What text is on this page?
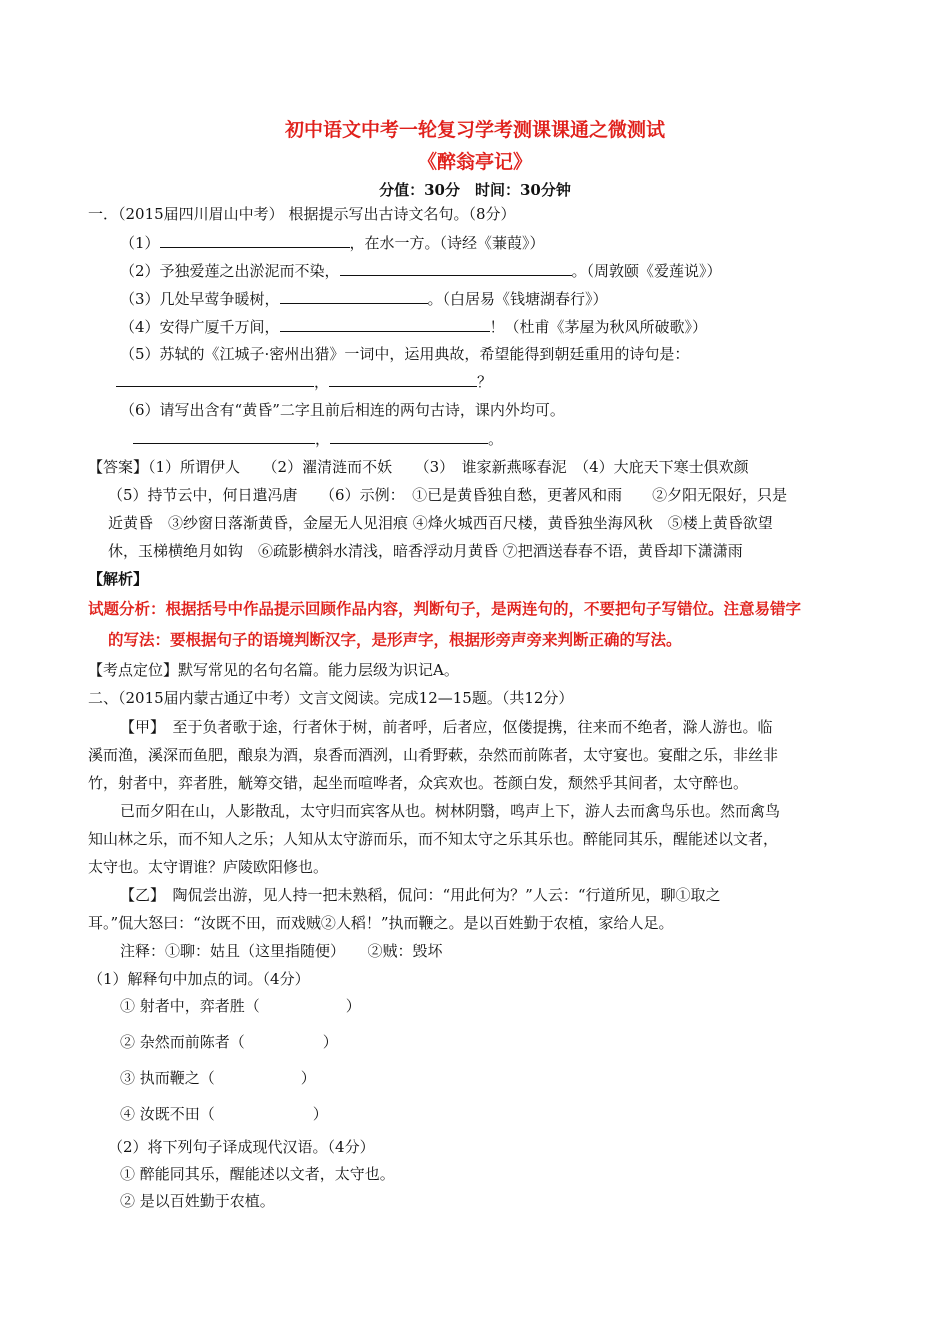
初中语文中考一轮复习学考测课课通之微测试
《醉翁亭记》
分值：30分　时间：30分钟
一．（2015届四川眉山中考） 根据提示写出古诗文名句。（8分）
（1）	，在水一方。（诗经《蒹葭》）
（2）予独爱莲之出淤泥而不染，	。（周敦颐《爱莲说》）
（3）几处早莺争暖树，	。（白居易《钱塘湖春行》）
（4）安得广厦千万间，	！（杜甫《茅屋为秋风所破歌》）
（5）苏轼的《江城子·密州出猎》一词中，运用典故，希望能得到朝廷重用的诗句是：
，	？
（6）请写出含有“黄昏”二字且前后相连的两句古诗，课内外均可。
，	。
【答案】（1）所谓伊人　　（2）濯清涟而不妖　　（3）　谁家新燕啄春泥　（4）大庇天下寒士俱欢颜
（5）持节云中，何日遣冯唐　　（6）示例：　①已是黄昏独自愁，更著风和雨　　②夕阳无限好，只是
近黄昏　③纱窗日落渐黄昏，金屋无人见泪痕 ④烽火城西百尺楼，黄昏独坐海风秋　⑤楼上黄昏欲望
休，玉梯横绝月如钩　⑥疏影横斜水清浅，暗香浮动月黄昏 ⑦把酒送春春不语，黄昏却下潇潇雨
【解析】
试题分析：根据括号中作品提示回顾作品内容，判断句子，是两连句的，不要把句子写错位。注意易错字
的写法：要根据句子的语境判断汉字，是形声字，根据形旁声旁来判断正确的写法。
【考点定位】默写常见的名句名篇。能力层级为识记A。
二、（2015届内蒙古通辽中考）文言文阅读。完成12—15题。（共12分）
【甲】　至于负者歌于途，行者休于树，前者呼，后者应，伛偻提携，往来而不绝者，滁人游也。临
溪而渔，溪深而鱼肥，酿泉为酒，泉香而酒洌，山肴野蔌，杂然而前陈者，太守宴也。宴酣之乐，非丝非
竹，射者中，弈者胜，觥筹交错，起坐而喧哗者，众宾欢也。苍颜白发，颓然乎其间者，太守醉也。
已而夕阳在山，人影散乱，太守归而宾客从也。树林阴翳，鸣声上下，游人去而禽鸟乐也。然而禽鸟
知山林之乐，而不知人之乐；人知从太守游而乐，而不知太守之乐其乐也。醉能同其乐，醒能述以文者，
太守也。太守谓谁？庐陵欧阳修也。
【乙】　陶侃尝出游，见人持一把未熟稻，侃问：“用此何为？”人云：“行道所见，聊①取之
耳。”侃大怒曰：“汝既不田，而戏贼②人稻！”执而鞭之。是以百姓勤于农植，家给人足。
注释：①聊：姑且（这里指随便）　　②贼：毁坏
（1）解释句中加点的词。（4分）
① 射者中，弈者胜（	）
② 杂然而前陈者（	）
③ 执而鞭之（	）
④ 汝既不田（	）
（2）将下列句子译成现代汉语。（4分）
① 醉能同其乐，醒能述以文者，太守也。
② 是以百姓勤于农植。
